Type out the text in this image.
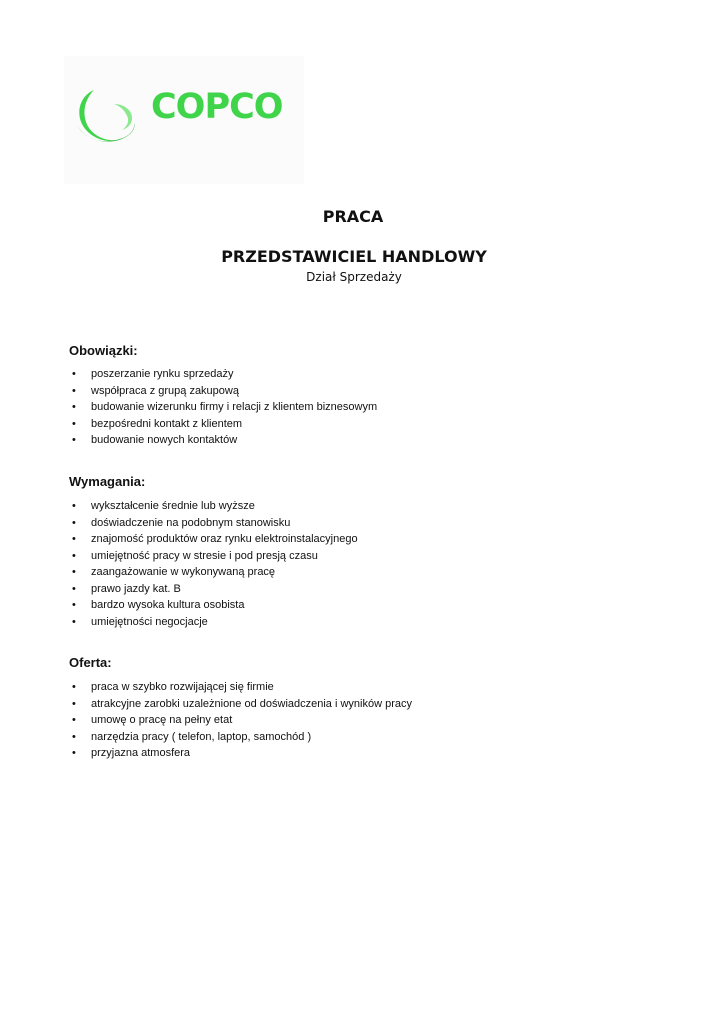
COPCO
PRACA
PRZEDSTAWICIEL HANDLOWY
Dział Sprzedaży
Obowiązki:
• poszerzanie rynku sprzedaży
• współpraca z grupą zakupową
• budowanie wizerunku firmy i relacji z klientem biznesowym
• bezpośredni kontakt z klientem
• budowanie nowych kontaktów
Wymagania:
• wykształcenie średnie lub wyższe
• doświadczenie na podobnym stanowisku
• znajomość produktów oraz rynku elektroinstalacyjnego
• umiejętność pracy w stresie i pod presją czasu
• zaangażowanie w wykonywaną pracę
• prawo jazdy kat. B
• bardzo wysoka kultura osobista
• umiejętności negocjacje
Oferta:
• praca w szybko rozwijającej się firmie
• atrakcyjne zarobki uzależnione od doświadczenia i wyników pracy
• umowę o pracę na pełny etat
• narzędzia pracy ( telefon, laptop, samochód )
• przyjazna atmosfera
